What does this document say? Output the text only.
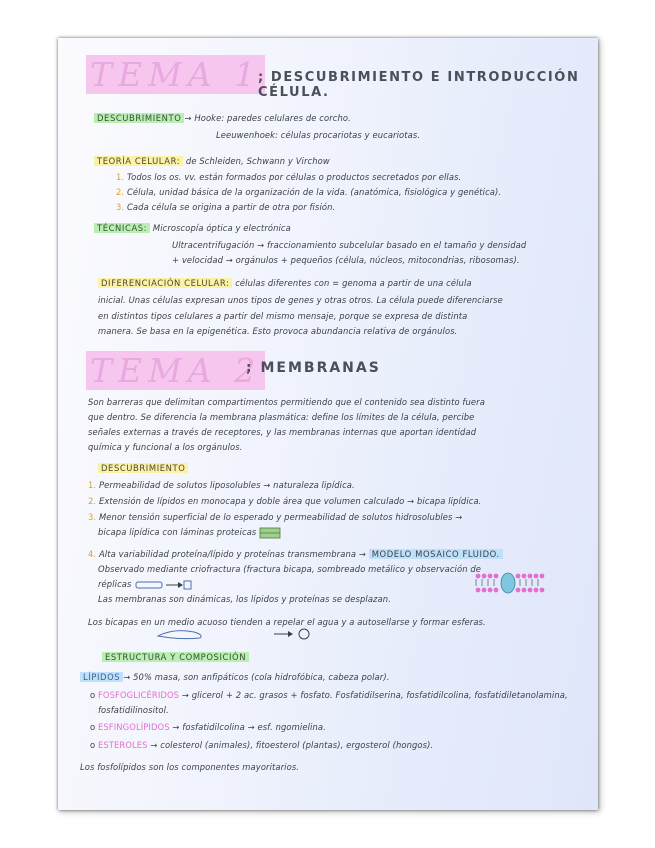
TEMA 1
; DESCUBRIMIENTO E INTRODUCCIÓN CÉLULA.
DESCUBRIMIENTO → Hooke: paredes celulares de corcho.
Leeuwenhoek: células procariotas y eucariotas.
TEORÍA CELULAR: de Schleiden, Schwann y Virchow
1. Todos los os. vv. están formados por células o productos secretados por ellas.
2. Célula, unidad básica de la organización de la vida. (anatómica, fisiológica y genética).
3. Cada célula se origina a partir de otra por fisión.
TÉCNICAS: Microscopía óptica y electrónica
Ultracentrifugación → fraccionamiento subcelular basado en el tamaño y densidad
+ velocidad → orgánulos + pequeños (célula, núcleos, mitocondrias, ribosomas).
DIFERENCIACIÓN CELULAR: células diferentes con = genoma a partir de una célula
inicial. Unas células expresan unos tipos de genes y otras otros. La célula puede diferenciarse
en distintos tipos celulares a partir del mismo mensaje, porque se expresa de distinta
manera. Se basa en la epigenética. Esto provoca abundancia relativa de orgánulos.
TEMA 2
; MEMBRANAS
Son barreras que delimitan compartimentos permitiendo que el contenido sea distinto fuera
que dentro. Se diferencia la membrana plasmática: define los límites de la célula, percibe
señales externas a través de receptores, y las membranas internas que aportan identidad
química y funcional a los orgánulos.
DESCUBRIMIENTO
1. Permeabilidad de solutos liposolubles → naturaleza lipídica.
2. Extensión de lípidos en monocapa y doble área que volumen calculado → bicapa lipídica.
3. Menor tensión superficial de lo esperado y permeabilidad de solutos hidrosolubles →
bicapa lipídica con láminas proteicas
4. Alta variabilidad proteína/lípido y proteínas transmembrana → MODELO MOSAICO FLUIDO.
Observado mediante criofractura (fractura bicapa, sombreado metálico y observación de
réplicas
Las membranas son dinámicas, los lípidos y proteínas se desplazan.
Los bicapas en un medio acuoso tienden a repelar el agua y a autosellarse y formar esferas.
ESTRUCTURA Y COMPOSICIÓN
LÍPIDOS → 50% masa, son anfipáticos (cola hidrofóbica, cabeza polar).
o FOSFOGLICÉRIDOS → glicerol + 2 ac. grasos + fosfato. Fosfatidilserina, fosfatidilcolina, fosfatidiletanolamina,
fosfatidilinositol.
o ESFINGOLÍPIDOS → fosfatidilcolina → esf. ngomielina.
o ESTEROLES → colesterol (animales), fitoesterol (plantas), ergosterol (hongos).
Los fosfolípidos son los componentes mayoritarios.
